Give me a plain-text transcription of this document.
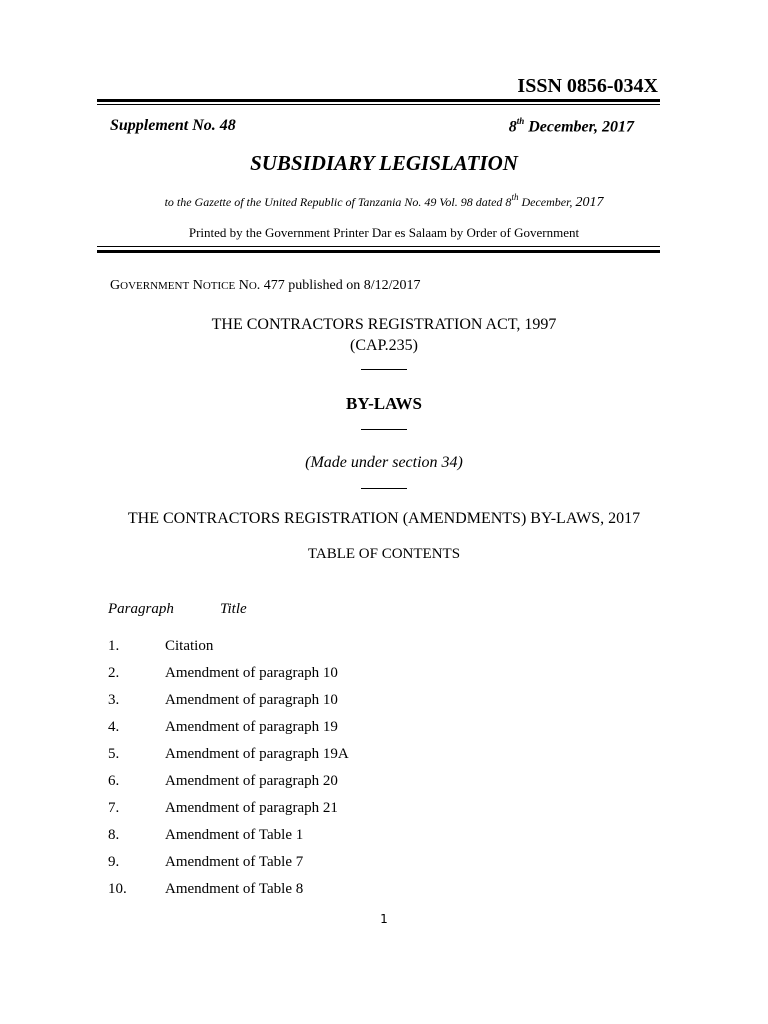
ISSN 0856-034X
Supplement No. 48	8th December, 2017
SUBSIDIARY LEGISLATION
to the Gazette of the United Republic of Tanzania No. 49 Vol. 98 dated 8th December, 2017
Printed by the Government Printer Dar es Salaam by Order of Government
GOVERNMENT NOTICE NO. 477 published on 8/12/2017
THE CONTRACTORS REGISTRATION ACT, 1997
(CAP.235)
BY-LAWS
(Made under section 34)
THE CONTRACTORS REGISTRATION (AMENDMENTS) BY-LAWS, 2017
TABLE OF CONTENTS
Paragraph	Title
1.	Citation
2.	Amendment of paragraph 10
3.	Amendment of paragraph 10
4.	Amendment of paragraph 19
5.	Amendment of paragraph 19A
6.	Amendment of paragraph 20
7.	Amendment of paragraph 21
8.	Amendment of Table 1
9.	Amendment of Table 7
10.	Amendment of Table 8
1
